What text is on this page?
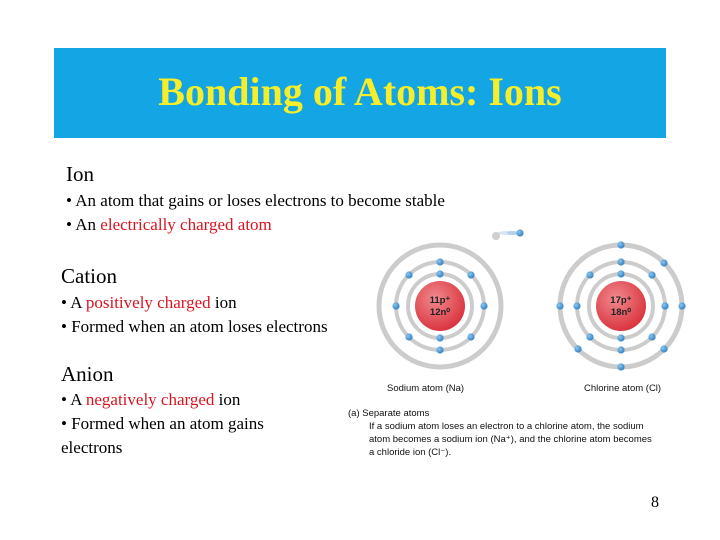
Bonding of Atoms: Ions
Ion
• An atom that gains or loses electrons to become stable
• An electrically charged atom
Cation
• A positively charged ion
• Formed when an atom loses electrons
Anion
• A negatively charged ion
• Formed when an atom gains
electrons
11p⁺
12n⁰
17p⁺
18n⁰
Sodium atom (Na)	Chlorine atom (Cl)
(a) Separate atoms
If a sodium atom loses an electron to a chlorine atom, the sodium
atom becomes a sodium ion (Na⁺), and the chlorine atom becomes
a chloride ion (Cl⁻).
8
